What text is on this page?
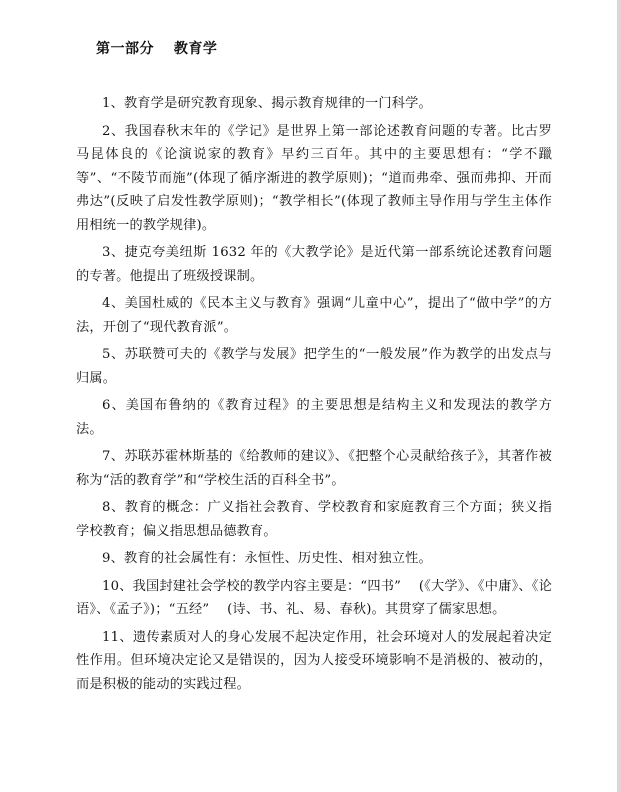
第一部分　 教育学

1、教育学是研究教育现象、揭示教育规律的一门科学。

2、我国春秋末年的《学记》是世界上第一部论述教育问题的专著。比古罗马昆体良的《论演说家的教育》早约三百年。其中的主要思想有：“学不躐等”、“不陵节而施”(体现了循序渐进的教学原则)；“道而弗牵、强而弗抑、开而弗达”(反映了启发性教学原则)；“教学相长”(体现了教师主导作用与学生主体作用相统一的教学规律)。

3、捷克夸美纽斯 1632 年的《大教学论》是近代第一部系统论述教育问题的专著。他提出了班级授课制。

4、美国杜威的《民本主义与教育》强调“儿童中心”，提出了“做中学”的方法，开创了“现代教育派”。

5、苏联赞可夫的《教学与发展》把学生的“一般发展”作为教学的出发点与归属。

6、美国布鲁纳的《教育过程》的主要思想是结构主义和发现法的教学方法。

7、苏联苏霍林斯基的《给教师的建议》、《把整个心灵献给孩子》，其著作被称为“活的教育学”和“学校生活的百科全书”。

8、教育的概念：广义指社会教育、学校教育和家庭教育三个方面；狭义指学校教育；偏义指思想品德教育。

9、教育的社会属性有：永恒性、历史性、相对独立性。

10、我国封建社会学校的教学内容主要是：“四书”　 (《大学》、《中庸》、《论语》、《孟子》)；“五经”　 (诗、书、礼、易、春秋)。其贯穿了儒家思想。

11、遗传素质对人的身心发展不起决定作用，社会环境对人的发展起着决定性作用。但环境决定论又是错误的，因为人接受环境影响不是消极的、被动的，而是积极的能动的实践过程。
